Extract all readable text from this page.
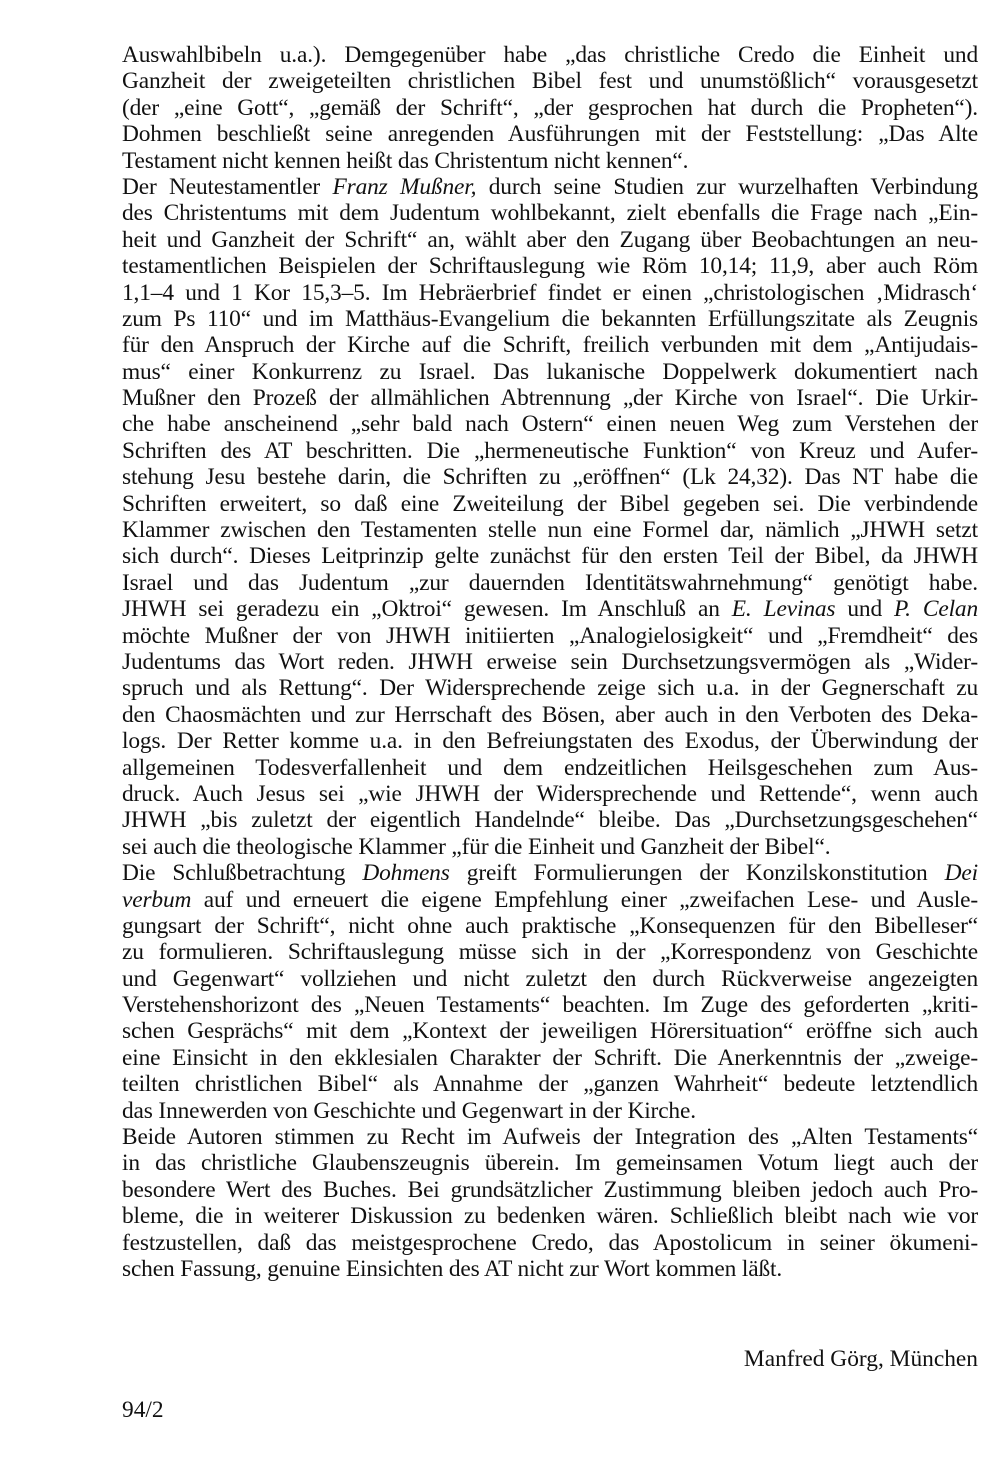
Auswahlbibeln u.a.). Demgegenüber habe „das christliche Credo die Einheit und
Ganzheit der zweigeteilten christlichen Bibel fest und unumstößlich“ vorausgesetzt
(der „eine Gott“, „gemäß der Schrift“, „der gesprochen hat durch die Propheten“).
Dohmen beschließt seine anregenden Ausführungen mit der Feststellung: „Das Alte
Testament nicht kennen heißt das Christentum nicht kennen“.
Der Neutestamentler Franz Mußner, durch seine Studien zur wurzelhaften Verbindung
des Christentums mit dem Judentum wohlbekannt, zielt ebenfalls die Frage nach „Ein-
heit und Ganzheit der Schrift“ an, wählt aber den Zugang über Beobachtungen an neu-
testamentlichen Beispielen der Schriftauslegung wie Röm 10,14; 11,9, aber auch Röm
1,1–4 und 1 Kor 15,3–5. Im Hebräerbrief findet er einen „christologischen ‚Midrasch‘
zum Ps 110“ und im Matthäus-Evangelium die bekannten Erfüllungszitate als Zeugnis
für den Anspruch der Kirche auf die Schrift, freilich verbunden mit dem „Antijudais-
mus“ einer Konkurrenz zu Israel. Das lukanische Doppelwerk dokumentiert nach
Mußner den Prozeß der allmählichen Abtrennung „der Kirche von Israel“. Die Urkir-
che habe anscheinend „sehr bald nach Ostern“ einen neuen Weg zum Verstehen der
Schriften des AT beschritten. Die „hermeneutische Funktion“ von Kreuz und Aufer-
stehung Jesu bestehe darin, die Schriften zu „eröffnen“ (Lk 24,32). Das NT habe die
Schriften erweitert, so daß eine Zweiteilung der Bibel gegeben sei. Die verbindende
Klammer zwischen den Testamenten stelle nun eine Formel dar, nämlich „JHWH setzt
sich durch“. Dieses Leitprinzip gelte zunächst für den ersten Teil der Bibel, da JHWH
Israel und das Judentum „zur dauernden Identitätswahrnehmung“ genötigt habe.
JHWH sei geradezu ein „Oktroi“ gewesen. Im Anschluß an E. Levinas und P. Celan
möchte Mußner der von JHWH initiierten „Analogielosigkeit“ und „Fremdheit“ des
Judentums das Wort reden. JHWH erweise sein Durchsetzungsvermögen als „Wider-
spruch und als Rettung“. Der Widersprechende zeige sich u.a. in der Gegnerschaft zu
den Chaosmächten und zur Herrschaft des Bösen, aber auch in den Verboten des Deka-
logs. Der Retter komme u.a. in den Befreiungstaten des Exodus, der Überwindung der
allgemeinen Todesverfallenheit und dem endzeitlichen Heilsgeschehen zum Aus-
druck. Auch Jesus sei „wie JHWH der Widersprechende und Rettende“, wenn auch
JHWH „bis zuletzt der eigentlich Handelnde“ bleibe. Das „Durchsetzungsgeschehen“
sei auch die theologische Klammer „für die Einheit und Ganzheit der Bibel“.
Die Schlußbetrachtung Dohmens greift Formulierungen der Konzilskonstitution Dei
verbum auf und erneuert die eigene Empfehlung einer „zweifachen Lese- und Ausle-
gungsart der Schrift“, nicht ohne auch praktische „Konsequenzen für den Bibelleser“
zu formulieren. Schriftauslegung müsse sich in der „Korrespondenz von Geschichte
und Gegenwart“ vollziehen und nicht zuletzt den durch Rückverweise angezeigten
Verstehenshorizont des „Neuen Testaments“ beachten. Im Zuge des geforderten „kriti-
schen Gesprächs“ mit dem „Kontext der jeweiligen Hörersituation“ eröffne sich auch
eine Einsicht in den ekklesialen Charakter der Schrift. Die Anerkenntnis der „zweige-
teilten christlichen Bibel“ als Annahme der „ganzen Wahrheit“ bedeute letztendlich
das Innewerden von Geschichte und Gegenwart in der Kirche.
Beide Autoren stimmen zu Recht im Aufweis der Integration des „Alten Testaments“
in das christliche Glaubenszeugnis überein. Im gemeinsamen Votum liegt auch der
besondere Wert des Buches. Bei grundsätzlicher Zustimmung bleiben jedoch auch Pro-
bleme, die in weiterer Diskussion zu bedenken wären. Schließlich bleibt nach wie vor
festzustellen, daß das meistgesprochene Credo, das Apostolicum in seiner ökumeni-
schen Fassung, genuine Einsichten des AT nicht zur Wort kommen läßt.
Manfred Görg, München
94/2
